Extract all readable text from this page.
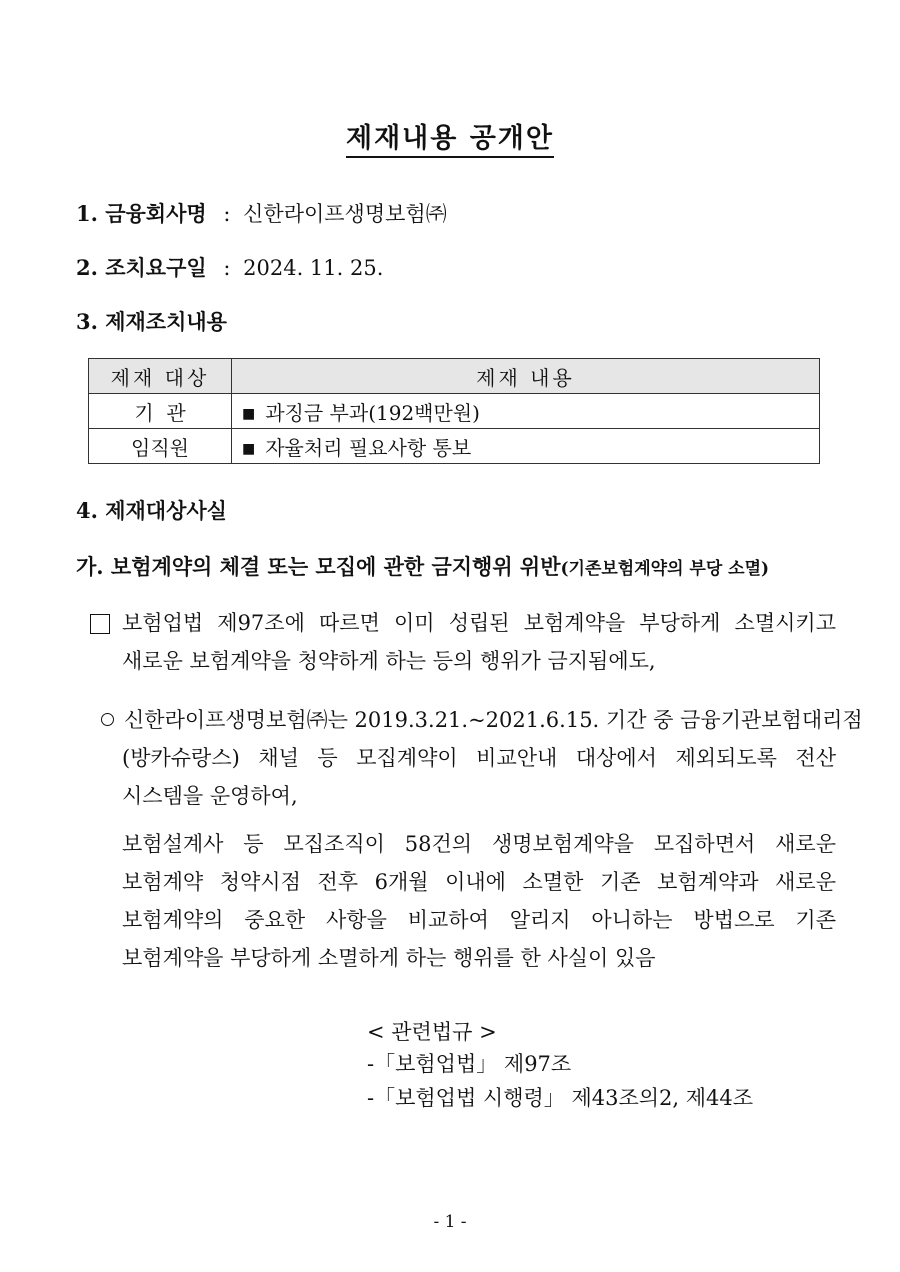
제재내용 공개안
1. 금융회사명 : 신한라이프생명보험㈜
2. 조치요구일 : 2024. 11. 25.
3. 제재조치내용
제재 대상	제재 내용
기  관	■ 과징금 부과(192백만원)
임직원	■ 자율처리 필요사항 통보
4. 제재대상사실
가. 보험계약의 체결 또는 모집에 관한 금지행위 위반(기존보험계약의 부당 소멸)
보험업법 제97조에 따르면 이미 성립된 보험계약을 부당하게 소멸시키고
새로운 보험계약을 청약하게 하는 등의 행위가 금지됨에도,
신한라이프생명보험㈜는 2019.3.21.~2021.6.15. 기간 중 금융기관보험대리점
(방카슈랑스) 채널 등 모집계약이 비교안내 대상에서 제외되도록 전산
시스템을 운영하여,
보험설계사 등 모집조직이 58건의 생명보험계약을 모집하면서 새로운
보험계약 청약시점 전후 6개월 이내에 소멸한 기존 보험계약과 새로운
보험계약의 중요한 사항을 비교하여 알리지 아니하는 방법으로 기존
보험계약을 부당하게 소멸하게 하는 행위를 한 사실이 있음
< 관련법규 >
-「보험업법」 제97조
-「보험업법 시행령」 제43조의2, 제44조
- 1 -
